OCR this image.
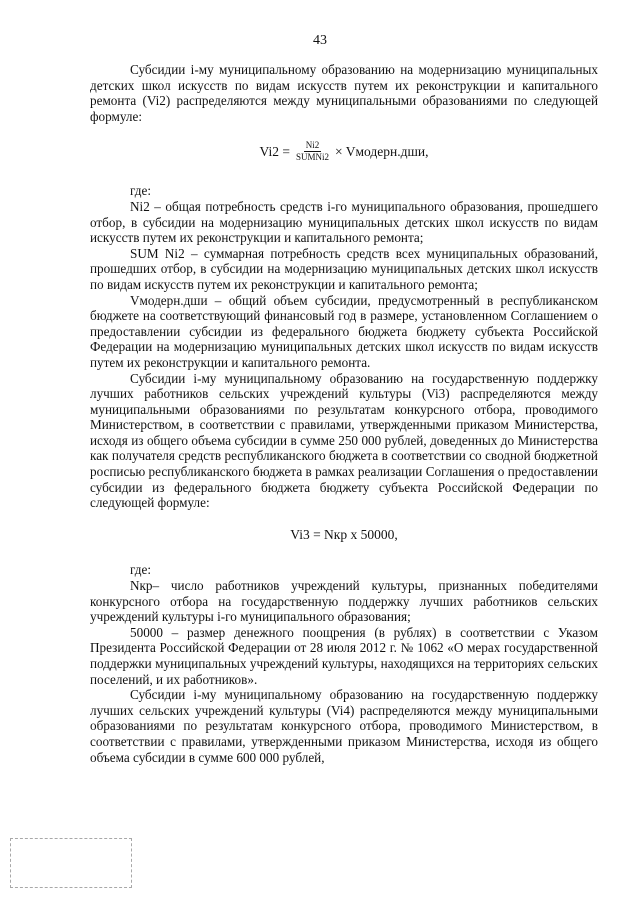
43

Субсидии i-му муниципальному образованию на модернизацию муниципальных детских школ искусств по видам искусств путем их реконструкции и капитального ремонта (Vi2) распределяются между муниципальными образованиями по следующей формуле:

$Vi2 = \frac{Ni2}{\text{SUMNi2}}$ × Vмодерн.дши,

где:

Ni2 – общая потребность средств i-го муниципального образования, прошедшего отбор, в субсидии на модернизацию муниципальных детских школ искусств по видам искусств путем их реконструкции и капитального ремонта;

SUM Ni2 – суммарная потребность средств всех муниципальных образований, прошедших отбор, в субсидии на модернизацию муниципальных детских школ искусств по видам искусств путем их реконструкции и капитального ремонта;

Vмодерн.дши – общий объем субсидии, предусмотренный в республиканском бюджете на соответствующий финансовый год в размере, установленном Соглашением о предоставлении субсидии из федерального бюджета бюджету субъекта Российской Федерации на модернизацию муниципальных детских школ искусств по видам искусств путем их реконструкции и капитального ремонта.

Субсидии i-му муниципальному образованию на государственную поддержку лучших работников сельских учреждений культуры (Vi3) распределяются между муниципальными образованиями по результатам конкурсного отбора, проводимого Министерством, в соответствии с правилами, утвержденными приказом Министерства, исходя из общего объема субсидии в сумме 250 000 рублей, доведенных до Министерства как получателя средств республиканского бюджета в соответствии со сводной бюджетной росписью республиканского бюджета в рамках реализации Соглашения о предоставлении субсидии из федерального бюджета бюджету субъекта Российской Федерации по следующей формуле:

Vi3 = Nкр х 50000,

где:

Nкр– число работников учреждений культуры, признанных победителями конкурсного отбора на государственную поддержку лучших работников сельских учреждений культуры i-го муниципального образования;

50000 – размер денежного поощрения (в рублях) в соответствии с Указом Президента Российской Федерации от 28 июля 2012 г. № 1062 «О мерах государственной поддержки муниципальных учреждений культуры, находящихся на территориях сельских поселений, и их работников».

Субсидии i-му муниципальному образованию на государственную поддержку лучших сельских учреждений культуры (Vi4) распределяются между муниципальными образованиями по результатам конкурсного отбора, проводимого Министерством, в соответствии с правилами, утвержденными приказом Министерства, исходя из общего объема субсидии в сумме 600 000 рублей,
